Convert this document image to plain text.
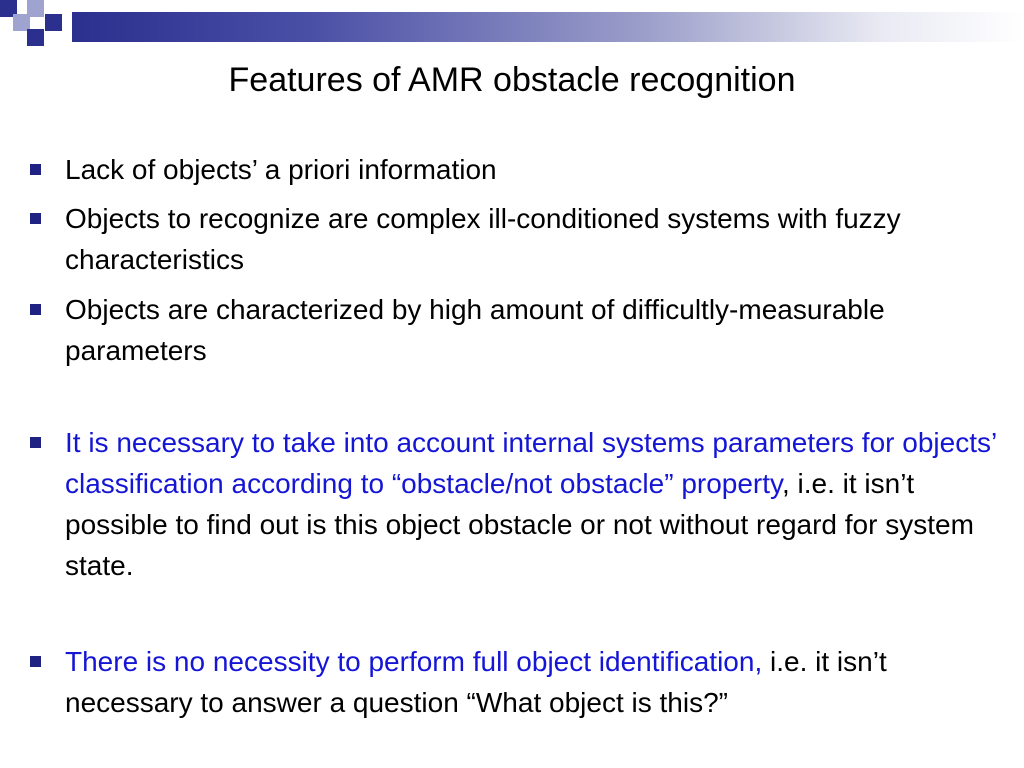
Features of AMR obstacle recognition
Lack of objects’ a priori information
Objects to recognize are complex ill-conditioned systems with fuzzy characteristics
Objects are characterized by high amount of difficultly-measurable parameters
It is necessary to take into account internal systems parameters for objects’ classification according to “obstacle/not obstacle” property, i.e. it isn’t possible to find out is this object obstacle or not without regard for system state.
There is no necessity to perform full object identification, i.e. it isn’t necessary to answer a question “What object is this?”
